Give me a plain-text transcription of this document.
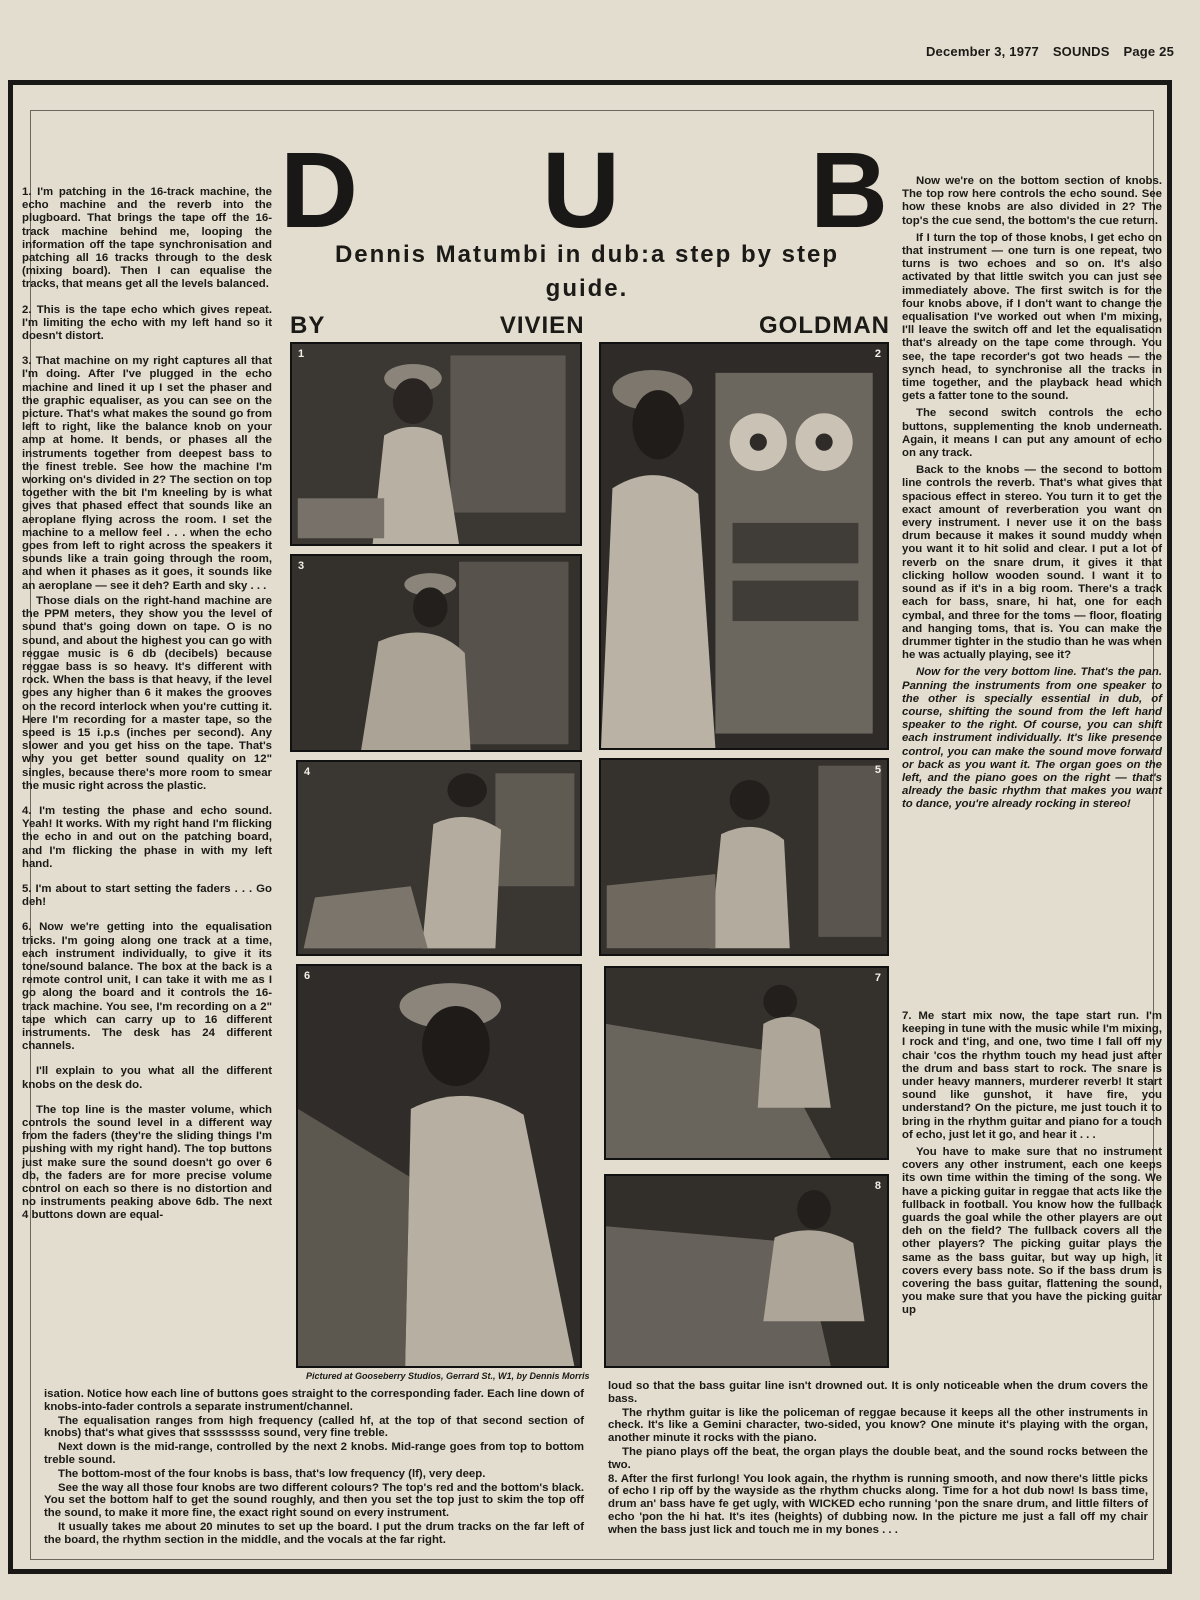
December 3, 1977 SOUNDS Page 25
D U B
Dennis Matumbi in dub:a step by step guide.
BY	VIVIEN	GOLDMAN

1. I'm patching in the 16-track machine, the echo machine and the reverb into the plugboard. That brings the tape off the 16-track machine behind me, looping the information off the tape synchronisation and patching all 16 tracks through to the desk (mixing board). Then I can equalise the tracks, that means get all the levels balanced.

2. This is the tape echo which gives repeat. I'm limiting the echo with my left hand so it doesn't distort.

3. That machine on my right captures all that I'm doing. After I've plugged in the echo machine and lined it up I set the phaser and the graphic equaliser, as you can see on the picture. That's what makes the sound go from left to right, like the balance knob on your amp at home. It bends, or phases all the instruments together from deepest bass to the finest treble. See how the machine I'm working on's divided in 2? The section on top together with the bit I'm kneeling by is what gives that phased effect that sounds like an aeroplane flying across the room. I set the machine to a mellow feel . . . when the echo goes from left to right across the speakers it sounds like a train going through the room, and when it phases as it goes, it sounds like an aeroplane — see it deh? Earth and sky . . .

Those dials on the right-hand machine are the PPM meters, they show you the level of sound that's going down on tape. O is no sound, and about the highest you can go with reggae music is 6 db (decibels) because reggae bass is so heavy. It's different with rock. When the bass is that heavy, if the level goes any higher than 6 it makes the grooves on the record interlock when you're cutting it. Here I'm recording for a master tape, so the speed is 15 i.p.s (inches per second). Any slower and you get hiss on the tape. That's why you get better sound quality on 12" singles, because there's more room to smear the music right across the plastic.

4. I'm testing the phase and echo sound. Yeah! It works. With my right hand I'm flicking the echo in and out on the patching board, and I'm flicking the phase in with my left hand.

5. I'm about to start setting the faders . . . Go deh!

6. Now we're getting into the equalisation tricks. I'm going along one track at a time, each instrument individually, to give it its tone/sound balance. The box at the back is a remote control unit, I can take it with me as I go along the board and it controls the 16-track machine. You see, I'm recording on a 2" tape which can carry up to 16 different instruments. The desk has 24 different channels.

I'll explain to you what all the different knobs on the desk do.

The top line is the master volume, which controls the sound level in a different way from the faders (they're the sliding things I'm pushing with my right hand). The top buttons just make sure the sound doesn't go over 6 db, the faders are for more precise volume control on each so there is no distortion and no instruments peaking above 6db. The next 4 buttons down are equal-

1	2
3
4	5
6	7
8
Pictured at Gooseberry Studios, Gerrard St., W1, by Dennis Morris

Now we're on the bottom section of knobs. The top row here controls the echo sound. See how these knobs are also divided in 2? The top's the cue send, the bottom's the cue return.

If I turn the top of those knobs, I get echo on that instrument — one turn is one repeat, two turns is two echoes and so on. It's also activated by that little switch you can just see immediately above. The first switch is for the four knobs above, if I don't want to change the equalisation I've worked out when I'm mixing, I'll leave the switch off and let the equalisation that's already on the tape come through. You see, the tape recorder's got two heads — the synch head, to synchronise all the tracks in time together, and the playback head which gets a fatter tone to the sound.

The second switch controls the echo buttons, supplementing the knob underneath. Again, it means I can put any amount of echo on any track.

Back to the knobs — the second to bottom line controls the reverb. That's what gives that spacious effect in stereo. You turn it to get the exact amount of reverberation you want on every instrument. I never use it on the bass drum because it makes it sound muddy when you want it to hit solid and clear. I put a lot of reverb on the snare drum, it gives it that clicking hollow wooden sound. I want it to sound as if it's in a big room. There's a track each for bass, snare, hi hat, one for each cymbal, and three for the toms — floor, floating and hanging toms, that is. You can make the drummer tighter in the studio than he was when he was actually playing, see it?

Now for the very bottom line. That's the pan. Panning the instruments from one speaker to the other is specially essential in dub, of course, shifting the sound from the left hand speaker to the right. Of course, you can shift each instrument individually. It's like presence control, you can make the sound move forward or back as you want it. The organ goes on the left, and the piano goes on the right — that's already the basic rhythm that makes you want to dance, you're already rocking in stereo!

7. Me start mix now, the tape start run. I'm keeping in tune with the music while I'm mixing, I rock and t'ing, and one, two time I fall off my chair 'cos the rhythm touch my head just after the drum and bass start to rock. The snare is under heavy manners, murderer reverb! It start sound like gunshot, it have fire, you understand? On the picture, me just touch it to bring in the rhythm guitar and piano for a touch of echo, just let it go, and hear it . . .

You have to make sure that no instrument covers any other instrument, each one keeps its own time within the timing of the song. We have a picking guitar in reggae that acts like the fullback in football. You know how the fullback guards the goal while the other players are out deh on the field? The fullback covers all the other players? The picking guitar plays the same as the bass guitar, but way up high, it covers every bass note. So if the bass drum is covering the bass guitar, flattening the sound, you make sure that you have the picking guitar up

isation. Notice how each line of buttons goes straight to the corresponding fader. Each line down of knobs-into-fader controls a separate instrument/channel.

The equalisation ranges from high frequency (called hf, at the top of that second section of knobs) that's what gives that sssssssss sound, very fine treble.

Next down is the mid-range, controlled by the next 2 knobs. Mid-range goes from top to bottom treble sound.

The bottom-most of the four knobs is bass, that's low frequency (lf), very deep.

See the way all those four knobs are two different colours? The top's red and the bottom's black. You set the bottom half to get the sound roughly, and then you set the top just to skim the top off the sound, to make it more fine, the exact right sound on every instrument.

It usually takes me about 20 minutes to set up the board. I put the drum tracks on the far left of the board, the rhythm section in the middle, and the vocals at the far right.

loud so that the bass guitar line isn't drowned out. It is only noticeable when the drum covers the bass.

The rhythm guitar is like the policeman of reggae because it keeps all the other instruments in check. It's like a Gemini character, two-sided, you know? One minute it's playing with the organ, another minute it rocks with the piano.

The piano plays off the beat, the organ plays the double beat, and the sound rocks between the two.

8. After the first furlong! You look again, the rhythm is running smooth, and now there's little picks of echo I rip off by the wayside as the rhythm chucks along. Time for a hot dub now! Is bass time, drum an' bass have fe get ugly, with WICKED echo running 'pon the snare drum, and little filters of echo 'pon the hi hat. It's ites (heights) of dubbing now. In the picture me just a fall off my chair when the bass just lick and touch me in my bones . . .
